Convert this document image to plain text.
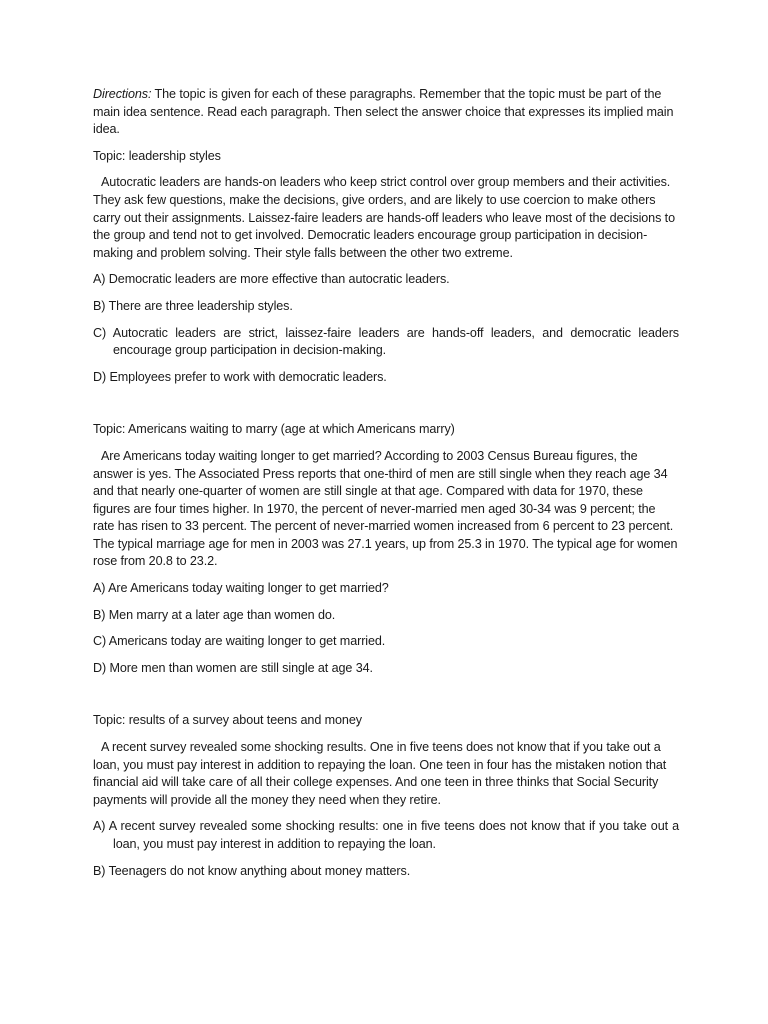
Directions: The topic is given for each of these paragraphs. Remember that the topic must be part of the main idea sentence. Read each paragraph. Then select the answer choice that expresses its implied main idea.

Topic: leadership styles

Autocratic leaders are hands-on leaders who keep strict control over group members and their activities. They ask few questions, make the decisions, give orders, and are likely to use coercion to make others carry out their assignments. Laissez-faire leaders are hands-off leaders who leave most of the decisions to the group and tend not to get involved. Democratic leaders encourage group participation in decision-making and problem solving. Their style falls between the other two extreme.

A) Democratic leaders are more effective than autocratic leaders.

B) There are three leadership styles.

C) Autocratic leaders are strict, laissez-faire leaders are hands-off leaders, and democratic leaders encourage group participation in decision-making.

D) Employees prefer to work with democratic leaders.

Topic: Americans waiting to marry (age at which Americans marry)

Are Americans today waiting longer to get married? According to 2003 Census Bureau figures, the answer is yes. The Associated Press reports that one-third of men are still single when they reach age 34 and that nearly one-quarter of women are still single at that age. Compared with data for 1970, these figures are four times higher. In 1970, the percent of never-married men aged 30-34 was 9 percent; the rate has risen to 33 percent. The percent of never-married women increased from 6 percent to 23 percent. The typical marriage age for men in 2003 was 27.1 years, up from 25.3 in 1970. The typical age for women rose from 20.8 to 23.2.

A) Are Americans today waiting longer to get married?

B) Men marry at a later age than women do.

C) Americans today are waiting longer to get married.

D) More men than women are still single at age 34.

Topic: results of a survey about teens and money

A recent survey revealed some shocking results. One in five teens does not know that if you take out a loan, you must pay interest in addition to repaying the loan. One teen in four has the mistaken notion that financial aid will take care of all their college expenses. And one teen in three thinks that Social Security payments will provide all the money they need when they retire.

A) A recent survey revealed some shocking results: one in five teens does not know that if you take out a loan, you must pay interest in addition to repaying the loan.

B) Teenagers do not know anything about money matters.
